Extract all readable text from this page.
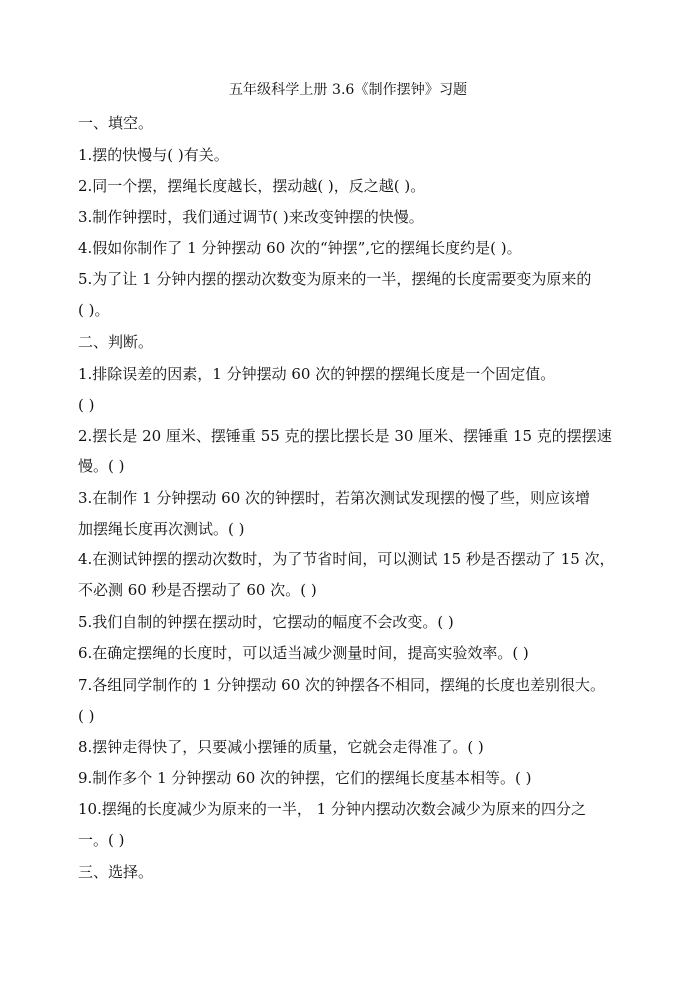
五年级科学上册 3.6《制作摆钟》习题
一、填空。
1.摆的快慢与( )有关。
2.同一个摆，摆绳长度越长，摆动越( )，反之越( )。
3.制作钟摆时，我们通过调节( )来改变钟摆的快慢。
4.假如你制作了 1 分钟摆动 60 次的“钟摆”,它的摆绳长度约是( )。
5.为了让 1 分钟内摆的摆动次数变为原来的一半，摆绳的长度需要变为原来的
( )。
二、判断。
1.排除误差的因素，1 分钟摆动 60 次的钟摆的摆绳长度是一个固定值。
( )
2.摆长是 20 厘米、摆锤重 55 克的摆比摆长是 30 厘米、摆锤重 15 克的摆摆速
慢。( )
3.在制作 1 分钟摆动 60 次的钟摆时，若第次测试发现摆的慢了些，则应该增
加摆绳长度再次测试。( )
4.在测试钟摆的摆动次数时，为了节省时间，可以测试 15 秒是否摆动了 15 次，
不必测 60 秒是否摆动了 60 次。( )
5.我们自制的钟摆在摆动时，它摆动的幅度不会改变。( )
6.在确定摆绳的长度时，可以适当减少测量时间，提高实验效率。( )
7.各组同学制作的 1 分钟摆动 60 次的钟摆各不相同，摆绳的长度也差别很大。
( )
8.摆钟走得快了，只要减小摆锤的质量，它就会走得准了。( )
9.制作多个 1 分钟摆动 60 次的钟摆，它们的摆绳长度基本相等。( )
10.摆绳的长度减少为原来的一半， 1 分钟内摆动次数会减少为原来的四分之
一。( )
三、选择。
